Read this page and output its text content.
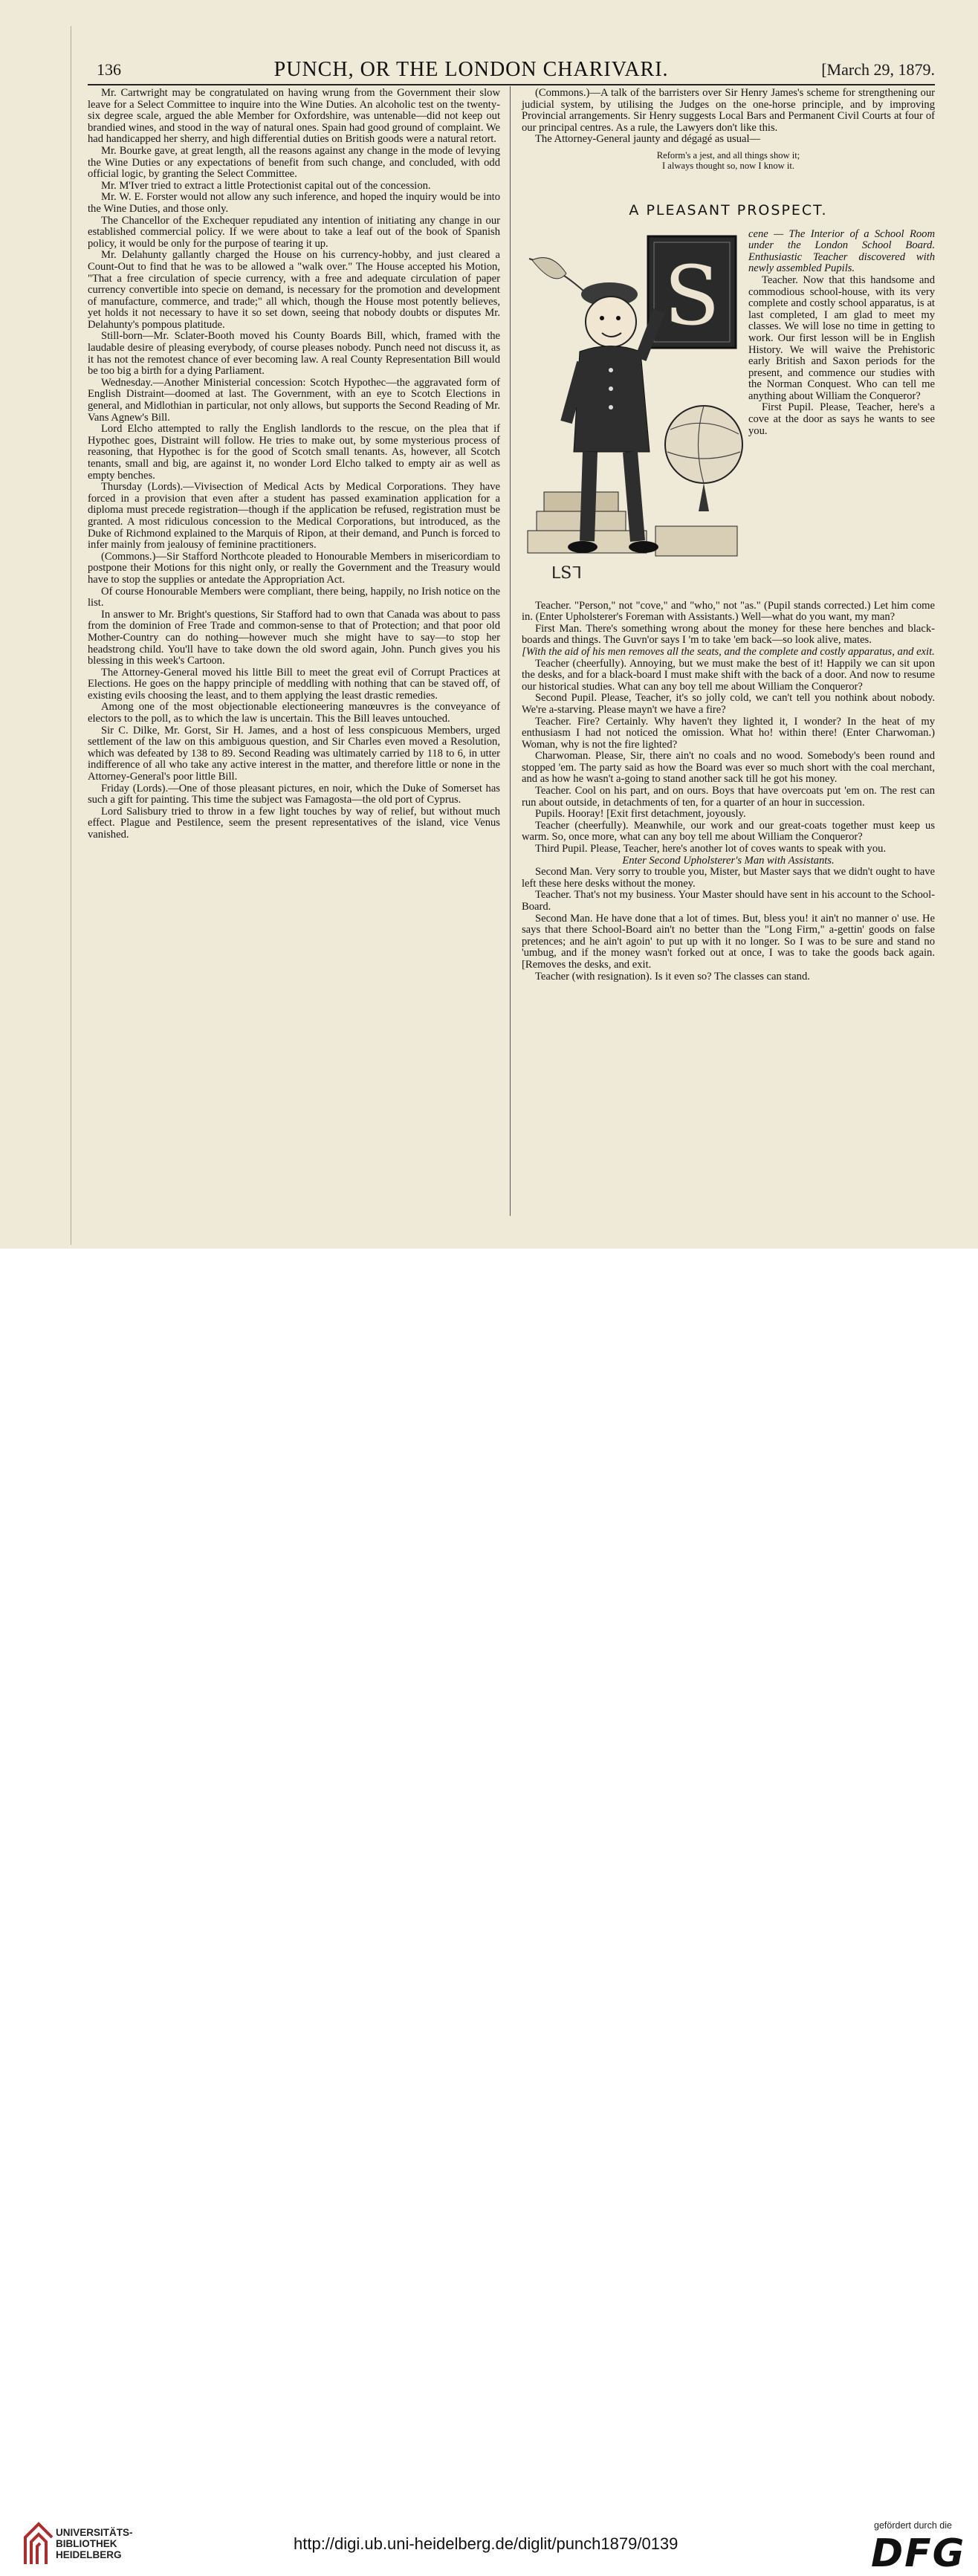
136	PUNCH, OR THE LONDON CHARIVARI.	[March 29, 1879.

Mr. Cartwright may be congratulated on having wrung from the Government their slow leave for a Select Committee to inquire into the Wine Duties. An alcoholic test on the twenty-six degree scale, argued the able Member for Oxfordshire, was untenable—did not keep out brandied wines, and stood in the way of natural ones. Spain had good ground of complaint. We had handicapped her sherry, and high differential duties on British goods were a natural retort.

Mr. Bourke gave, at great length, all the reasons against any change in the mode of levying the Wine Duties or any expectations of benefit from such change, and concluded, with odd official logic, by granting the Select Committee.

Mr. M'Iver tried to extract a little Protectionist capital out of the concession.

Mr. W. E. Forster would not allow any such inference, and hoped the inquiry would be into the Wine Duties, and those only.

The Chancellor of the Exchequer repudiated any intention of initiating any change in our established commercial policy. If we were about to take a leaf out of the book of Spanish policy, it would be only for the purpose of tearing it up.

Mr. Delahunty gallantly charged the House on his currency-hobby, and just cleared a Count-Out to find that he was to be allowed a "walk over." The House accepted his Motion, "That a free circulation of specie currency, with a free and adequate circulation of paper currency convertible into specie on demand, is necessary for the promotion and development of manufacture, commerce, and trade;" all which, though the House most potently believes, yet holds it not necessary to have it so set down, seeing that nobody doubts or disputes Mr. Delahunty's pompous platitude.

Still-born—Mr. Sclater-Booth moved his County Boards Bill, which, framed with the laudable desire of pleasing everybody, of course pleases nobody. Punch need not discuss it, as it has not the remotest chance of ever becoming law. A real County Representation Bill would be too big a birth for a dying Parliament.

Wednesday.—Another Ministerial concession: Scotch Hypothec—the aggravated form of English Distraint—doomed at last. The Government, with an eye to Scotch Elections in general, and Midlothian in particular, not only allows, but supports the Second Reading of Mr. Vans Agnew's Bill.

Lord Elcho attempted to rally the English landlords to the rescue, on the plea that if Hypothec goes, Distraint will follow. He tries to make out, by some mysterious process of reasoning, that Hypothec is for the good of Scotch small tenants. As, however, all Scotch tenants, small and big, are against it, no wonder Lord Elcho talked to empty air as well as empty benches.

Thursday (Lords).—Vivisection of Medical Acts by Medical Corporations. They have forced in a provision that even after a student has passed examination application for a diploma must precede registration—though if the application be refused, registration must be granted. A most ridiculous concession to the Medical Corporations, but introduced, as the Duke of Richmond explained to the Marquis of Ripon, at their demand, and Punch is forced to infer mainly from jealousy of feminine practitioners.

(Commons.)—Sir Stafford Northcote pleaded to Honourable Members in misericordiam to postpone their Motions for this night only, or really the Government and the Treasury would have to stop the supplies or antedate the Appropriation Act.

Of course Honourable Members were compliant, there being, happily, no Irish notice on the list.

In answer to Mr. Bright's questions, Sir Stafford had to own that Canada was about to pass from the dominion of Free Trade and common-sense to that of Protection; and that poor old Mother-Country can do nothing—however much she might have to say—to stop her headstrong child. You'll have to take down the old sword again, John. Punch gives you his blessing in this week's Cartoon.

The Attorney-General moved his little Bill to meet the great evil of Corrupt Practices at Elections. He goes on the happy principle of meddling with nothing that can be staved off, of existing evils choosing the least, and to them applying the least drastic remedies.

Among one of the most objectionable electioneering manœuvres is the conveyance of electors to the poll, as to which the law is uncertain. This the Bill leaves untouched.

Sir C. Dilke, Mr. Gorst, Sir H. James, and a host of less conspicuous Members, urged settlement of the law on this ambiguous question, and Sir Charles even moved a Resolution, which was defeated by 138 to 89. Second Reading was ultimately carried by 118 to 6, in utter indifference of all who take any active interest in the matter, and therefore little or none in the Attorney-General's poor little Bill.

Friday (Lords).—One of those pleasant pictures, en noir, which the Duke of Somerset has such a gift for painting. This time the subject was Famagosta—the old port of Cyprus.

Lord Salisbury tried to throw in a few light touches by way of relief, but without much effect. Plague and Pestilence, seem the present representatives of the island, vice Venus vanished.

(Commons.)—A talk of the barristers over Sir Henry James's scheme for strengthening our judicial system, by utilising the Judges on the one-horse principle, and by improving Provincial arrangements. Sir Henry suggests Local Bars and Permanent Civil Courts at four of our principal centres. As a rule, the Lawyers don't like this.

The Attorney-General jaunty and dégagé as usual—

Reform's a jest, and all things show it;
I always thought so, now I know it.
A PLEASANT PROSPECT.
S
ᒪSᒣ

cene — The Interior of a School Room under the London School Board. Enthusiastic Teacher discovered with newly assembled Pupils.

Teacher. Now that this handsome and commodious school-house, with its very complete and costly school apparatus, is at last completed, I am glad to meet my classes. We will lose no time in getting to work. Our first lesson will be in English History. We will waive the Prehistoric early British and Saxon periods for the present, and commence our studies with the Norman Conquest. Who can tell me anything about William the Conqueror?

First Pupil. Please, Teacher, here's a cove at the door as says he wants to see you.

Teacher. "Person," not "cove," and "who," not "as." (Pupil stands corrected.) Let him come in. (Enter Upholsterer's Foreman with Assistants.) Well—what do you want, my man?

First Man. There's something wrong about the money for these here benches and black-boards and things. The Guvn'or says I 'm to take 'em back—so look alive, mates.

[With the aid of his men removes all the seats, and the complete and costly apparatus, and exit.

Teacher (cheerfully). Annoying, but we must make the best of it! Happily we can sit upon the desks, and for a black-board I must make shift with the back of a door. And now to resume our historical studies. What can any boy tell me about William the Conqueror?

Second Pupil. Please, Teacher, it's so jolly cold, we can't tell you nothink about nobody. We're a-starving. Please mayn't we have a fire?

Teacher. Fire? Certainly. Why haven't they lighted it, I wonder? In the heat of my enthusiasm I had not noticed the omission. What ho! within there! (Enter Charwoman.) Woman, why is not the fire lighted?

Charwoman. Please, Sir, there ain't no coals and no wood. Somebody's been round and stopped 'em. The party said as how the Board was ever so much short with the coal merchant, and as how he wasn't a-going to stand another sack till he got his money.

Teacher. Cool on his part, and on ours. Boys that have overcoats put 'em on. The rest can run about outside, in detachments of ten, for a quarter of an hour in succession.

Pupils. Hooray! [Exit first detachment, joyously.

Teacher (cheerfully). Meanwhile, our work and our great-coats together must keep us warm. So, once more, what can any boy tell me about William the Conqueror?

Third Pupil. Please, Teacher, here's another lot of coves wants to speak with you.

Enter Second Upholsterer's Man with Assistants.

Second Man. Very sorry to trouble you, Mister, but Master says that we didn't ought to have left these here desks without the money.

Teacher. That's not my business. Your Master should have sent in his account to the School-Board.

Second Man. He have done that a lot of times. But, bless you! it ain't no manner o' use. He says that there School-Board ain't no better than the "Long Firm," a-gettin' goods on false pretences; and he ain't agoin' to put up with it no longer. So I was to be sure and stand no 'umbug, and if the money wasn't forked out at once, I was to take the goods back again. [Removes the desks, and exit.

Teacher (with resignation). Is it even so? The classes can stand.

UNIVERSITÄTS-
BIBLIOTHEK
HEIDELBERG
http://digi.ub.uni-heidelberg.de/diglit/punch1879/0139
gefördert durch die
DFG
